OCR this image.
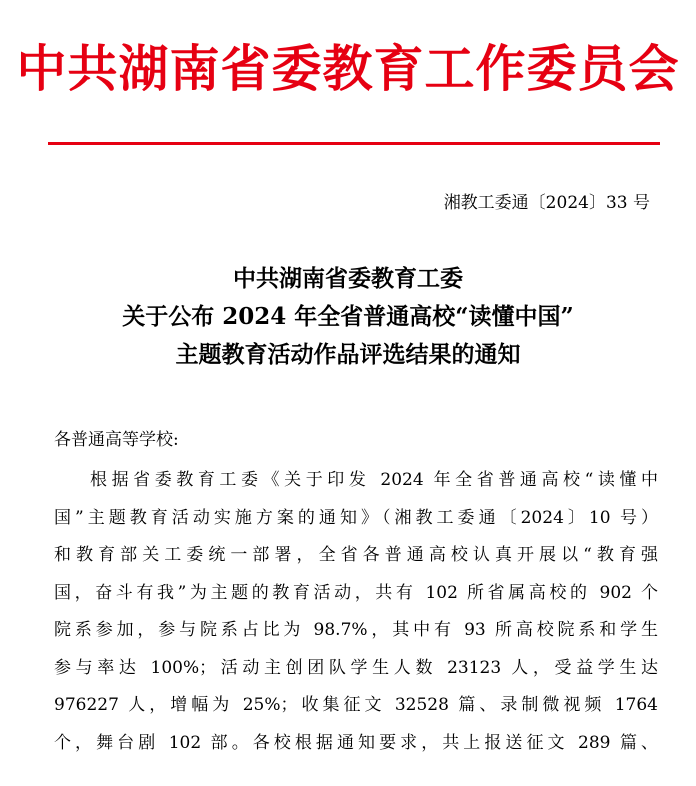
中共湖南省委教育工作委员会
湘教工委通〔2024〕33 号
中共湖南省委教育工委
关于公布 2024 年全省普通高校“读懂中国”
主题教育活动作品评选结果的通知
各普通高等学校:
根据省委教育工委《关于印发 2024 年全省普通高校“读懂中
国”主题教育活动实施方案的通知》（湘教工委通〔2024〕10 号）
和教育部关工委统一部署，全省各普通高校认真开展以“教育强
国，奋斗有我”为主题的教育活动，共有 102 所省属高校的 902 个
院系参加，参与院系占比为 98.7%，其中有 93 所高校院系和学生
参与率达 100%；活动主创团队学生人数 23123 人，受益学生达
976227 人，增幅为 25%；收集征文 32528 篇、录制微视频 1764
个，舞台剧 102 部。各校根据通知要求，共上报送征文 289 篇、
